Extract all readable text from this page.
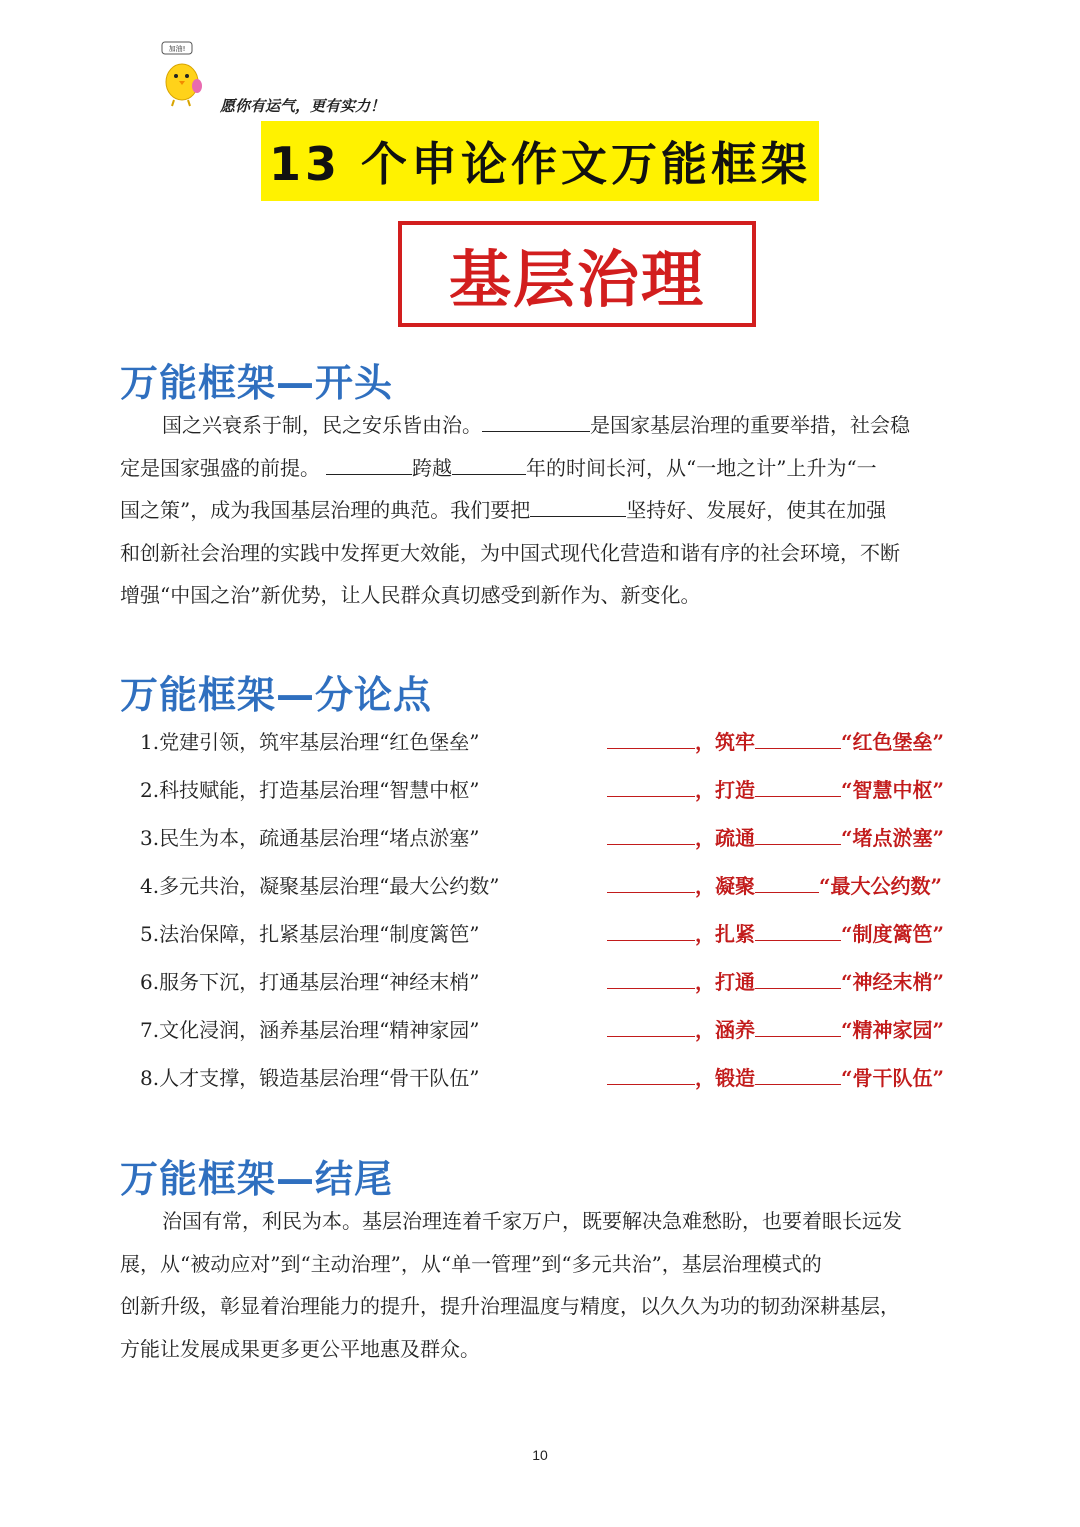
加油!
愿你有运气，更有实力！
13 个申论作文万能框架
基层治理
万能框架—开头
国之兴衰系于制，民之安乐皆由治。	是国家基层治理的重要举措，社会稳
定是国家强盛的前提。	跨越	年的时间长河，从“一地之计”上升为“一
国之策”，成为我国基层治理的典范。我们要把	坚持好、发展好，使其在加强
和创新社会治理的实践中发挥更大效能，为中国式现代化营造和谐有序的社会环境，不断
增强“中国之治”新优势，让人民群众真切感受到新作为、新变化。
万能框架—分论点
1.党建引领，筑牢基层治理“红色堡垒”	，筑牢	“红色堡垒”
2.科技赋能，打造基层治理“智慧中枢”	，打造	“智慧中枢”
3.民生为本，疏通基层治理“堵点淤塞”	，疏通	“堵点淤塞”
4.多元共治，凝聚基层治理“最大公约数”	，凝聚	“最大公约数”
5.法治保障，扎紧基层治理“制度篱笆”	，扎紧	“制度篱笆”
6.服务下沉，打通基层治理“神经末梢”	，打通	“神经末梢”
7.文化浸润，涵养基层治理“精神家园”	，涵养	“精神家园”
8.人才支撑，锻造基层治理“骨干队伍”	，锻造	“骨干队伍”
万能框架—结尾
治国有常，利民为本。基层治理连着千家万户，既要解决急难愁盼，也要着眼长远发
展，从“被动应对”到“主动治理”，从“单一管理”到“多元共治”，基层治理模式的
创新升级，彰显着治理能力的提升，提升治理温度与精度，以久久为功的韧劲深耕基层，
方能让发展成果更多更公平地惠及群众。
10
